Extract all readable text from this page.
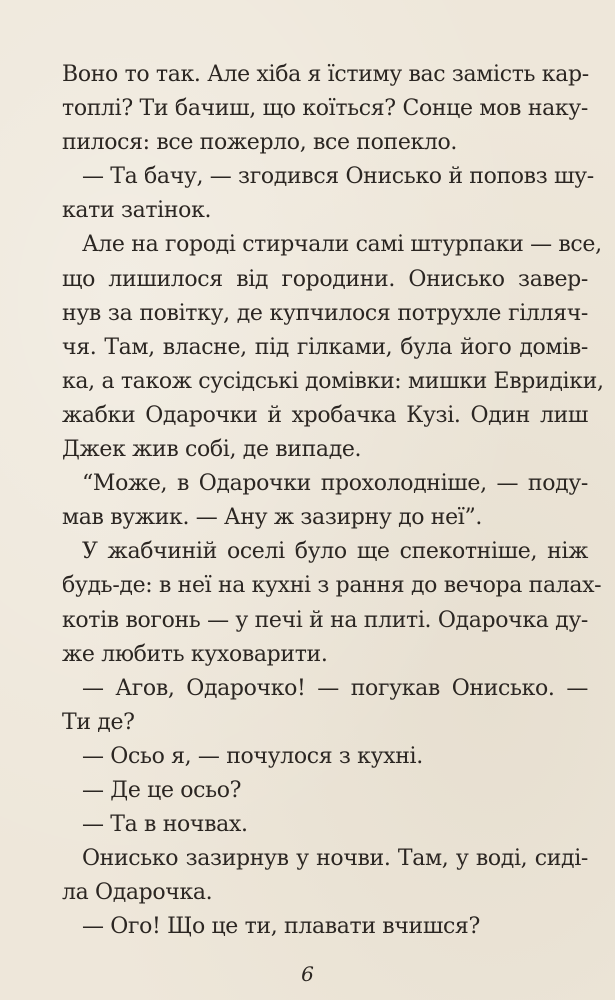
Воно то так. Але хіба я їстиму вас замість кар-
топлі? Ти бачиш, що коїться? Сонце мов наку-
пилося: все пожерло, все попекло.
— Та бачу, — згодився Онисько й поповз шу-
кати затінок.
Але на городі стирчали самі штурпаки — все,
що лишилося від городини. Онисько завер-
нув за повітку, де купчилося потрухле гілляч-
чя. Там, власне, під гілками, була його домів-
ка, а також сусідські домівки: мишки Евридіки,
жабки Одарочки й хробачка Кузі. Один лиш
Джек жив собі, де випаде.
“Може, в Одарочки прохолодніше, — поду-
мав вужик. — Ану ж зазирну до неї”.
У жабчиній оселі було ще спекотніше, ніж
будь-де: в неї на кухні з рання до вечора палах-
котів вогонь — у печі й на плиті. Одарочка ду-
же любить куховарити.
— Агов, Одарочко! — погукав Онисько. —
Ти де?
— Осьо я, — почулося з кухні.
— Де це осьо?
— Та в ночвах.
Онисько зазирнув у ночви. Там, у воді, сиді-
ла Одарочка.
— Ого! Що це ти, плавати вчишся?
6
